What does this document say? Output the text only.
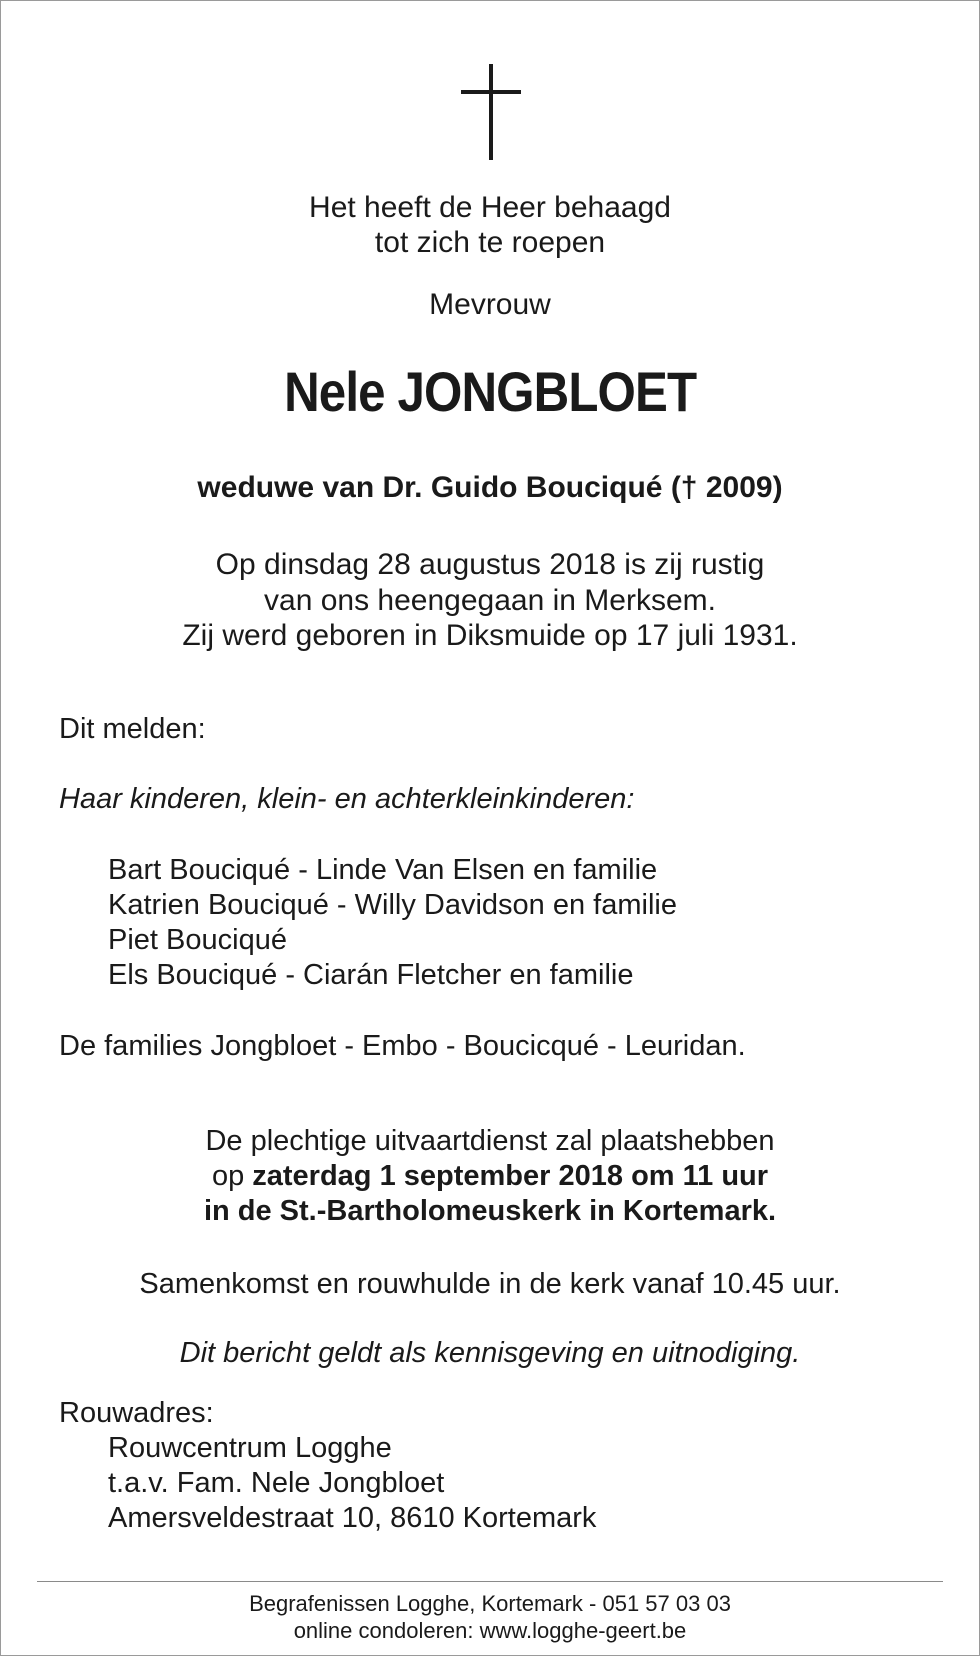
Het heeft de Heer behaagd
tot zich te roepen
Mevrouw
Nele JONGBLOET
weduwe van Dr. Guido Bouciqué († 2009)
Op dinsdag 28 augustus 2018 is zij rustig
van ons heengegaan in Merksem.
Zij werd geboren in Diksmuide op 17 juli 1931.
Dit melden:
Haar kinderen, klein- en achterkleinkinderen:
Bart Bouciqué - Linde Van Elsen en familie
Katrien Bouciqué - Willy Davidson en familie
Piet Bouciqué
Els Bouciqué - Ciarán Fletcher en familie
De families Jongbloet - Embo - Boucicqué - Leuridan.
De plechtige uitvaartdienst zal plaatshebben
op zaterdag 1 september 2018 om 11 uur
in de St.-Bartholomeuskerk in Kortemark.
Samenkomst en rouwhulde in de kerk vanaf 10.45 uur.
Dit bericht geldt als kennisgeving en uitnodiging.
Rouwadres:
Rouwcentrum Logghe
t.a.v. Fam. Nele Jongbloet
Amersveldestraat 10, 8610 Kortemark
Begrafenissen Logghe, Kortemark - 051 57 03 03
online condoleren: www.logghe-geert.be
